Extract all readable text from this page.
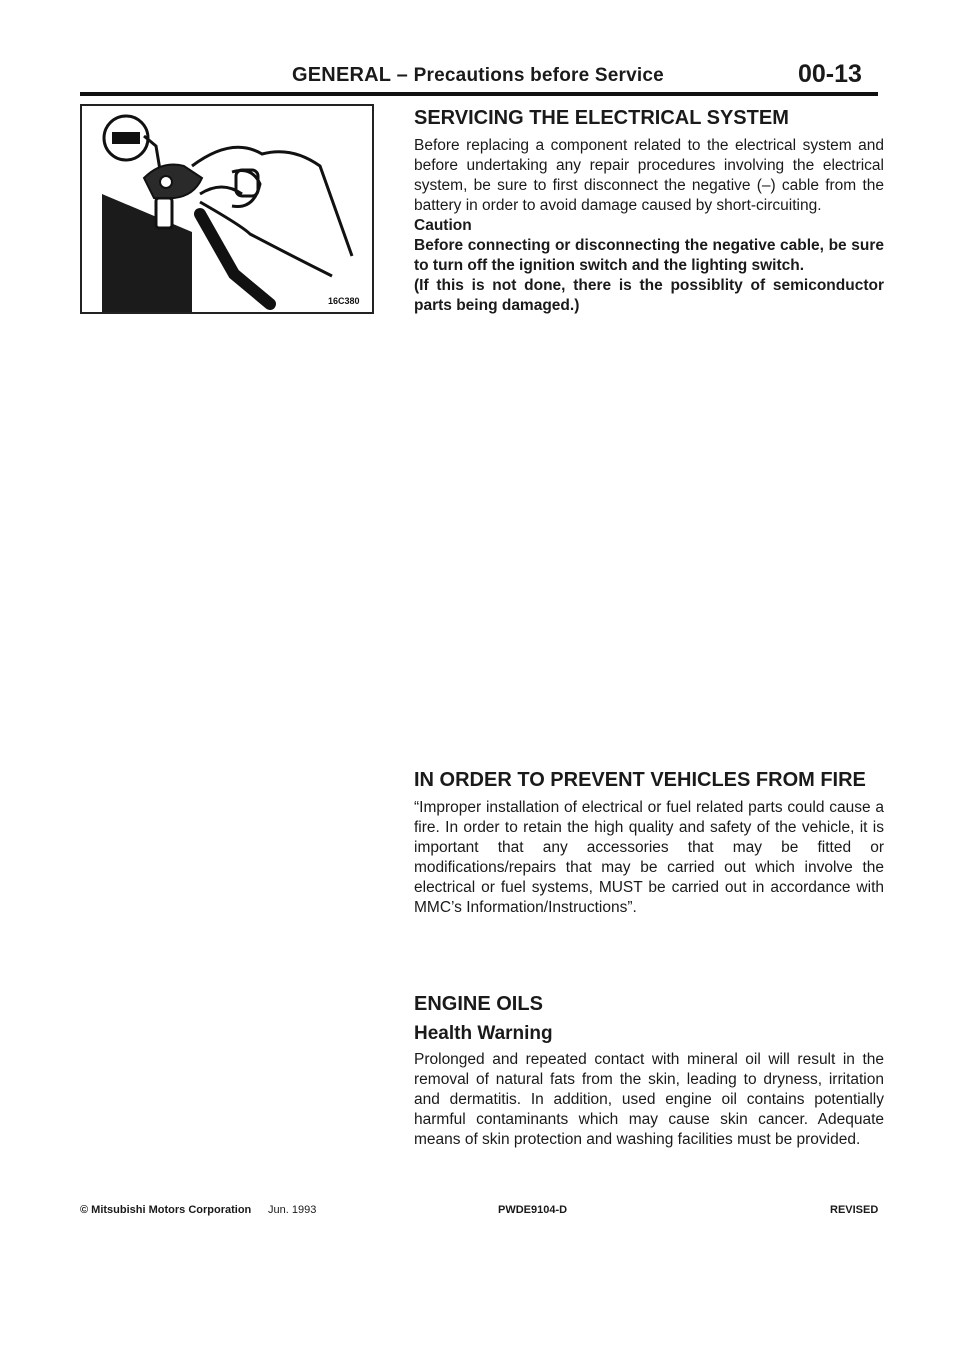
GENERAL – Precautions before Service	00-13
16C380
SERVICING THE ELECTRICAL SYSTEM

Before replacing a component related to the electrical system and before undertaking any repair procedures involving the electrical system, be sure to first disconnect the negative (–) cable from the battery in order to avoid damage caused by short-circuiting.

Caution

Before connecting or disconnecting the negative cable, be sure to turn off the ignition switch and the lighting switch.

(If this is not done, there is the possiblity of semiconductor parts being damaged.)

IN ORDER TO PREVENT VEHICLES FROM FIRE

“Improper installation of electrical or fuel related parts could cause a fire. In order to retain the high quality and safety of the vehicle, it is important that any accessories that may be fitted or modifications/repairs that may be carried out which involve the electrical or fuel systems, MUST be carried out in accordance with MMC’s Information/Instructions”.

ENGINE OILS
Health Warning

Prolonged and repeated contact with mineral oil will result in the removal of natural fats from the skin, leading to dryness, irritation and dermatitis. In addition, used engine oil contains potentially harmful contaminants which may cause skin cancer. Adequate means of skin protection and washing facilities must be provided.

© Mitsubishi Motors Corporation Jun. 1993	PWDE9104-D	REVISED
